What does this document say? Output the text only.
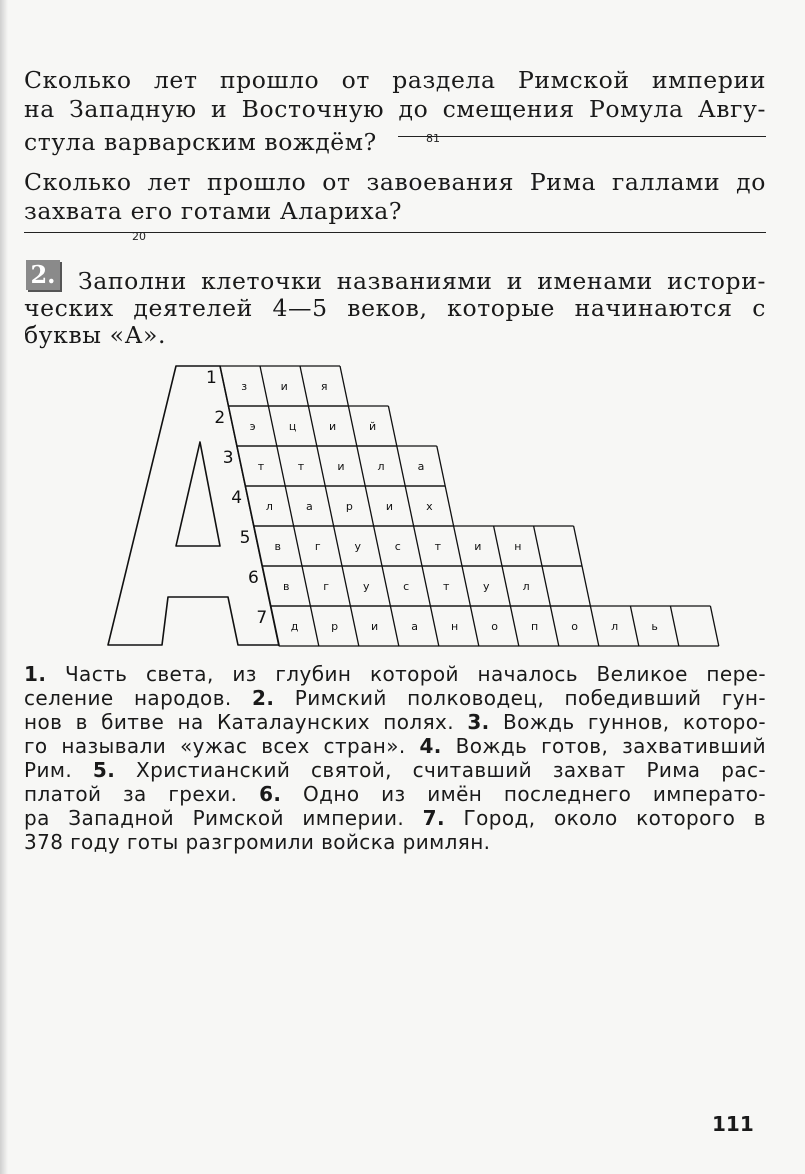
Сколько лет прошло от раздела Римской империи
на Западную и Восточную до смещения Ромула Авгу-
стула варварским вождём?	81
Сколько лет прошло от завоевания Рима галлами до
захвата его готами Алариха?
20
2. Заполни клеточки названиями и именами истори-
ческих деятелей 4—5 веков, которые начинаются с
буквы «А».
1
2
3
4
5
6
7
з	и	я
э	ц	и	й
т	т	и	л	а
л	а	р	и	х
в	г	у	с	т	и	н
в	г	у	с	т	у	л
д	р	и	а	н	о	п	о	л	ь
1. Часть света, из глубин которой началось Великое пере-
селение народов. 2. Римский полководец, победивший гун-
нов в битве на Каталаунских полях. 3. Вождь гуннов, которо-
го называли «ужас всех стран». 4. Вождь готов, захвативший
Рим. 5. Христианский святой, считавший захват Рима рас-
платой за грехи. 6. Одно из имён последнего императо-
ра Западной Римской империи. 7. Город, около которого в
378 году готы разгромили войска римлян.
111
